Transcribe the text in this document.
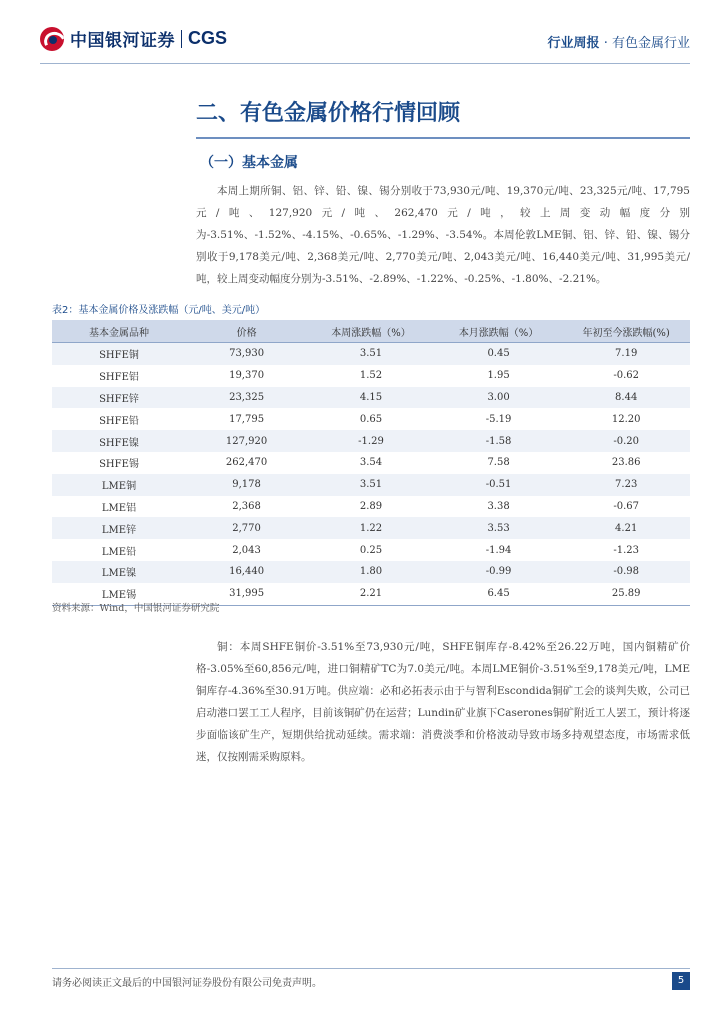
中国银河证券 CGS	行业周报 · 有色金属行业
二、有色金属价格行情回顾
（一）基本金属

本周上期所铜、铝、锌、铅、镍、锡分别收于73,930元/吨、19,370元/吨、23,325元/吨、17,795元/吨、127,920元/吨、262,470元/吨，较上周变动幅度分别为-3.51%、-1.52%、-4.15%、-0.65%、-1.29%、-3.54%。本周伦敦LME铜、铝、锌、铅、镍、锡分别收于9,178美元/吨、2,368美元/吨、2,770美元/吨、2,043美元/吨、16,440美元/吨、31,995美元/吨，较上周变动幅度分别为-3.51%、-2.89%、-1.22%、-0.25%、-1.80%、-2.21%。

表2：基本金属价格及涨跌幅（元/吨、美元/吨）
基本金属品种	价格	本周涨跌幅（%）	本月涨跌幅（%）	年初至今涨跌幅(%)
SHFE铜	73,930	3.51	0.45	7.19
SHFE铝	19,370	1.52	1.95	-0.62
SHFE锌	23,325	4.15	3.00	8.44
SHFE铅	17,795	0.65	-5.19	12.20
SHFE镍	127,920	-1.29	-1.58	-0.20
SHFE锡	262,470	3.54	7.58	23.86
LME铜	9,178	3.51	-0.51	7.23
LME铝	2,368	2.89	3.38	-0.67
LME锌	2,770	1.22	3.53	4.21
LME铅	2,043	0.25	-1.94	-1.23
LME镍	16,440	1.80	-0.99	-0.98
LME锡	31,995	2.21	6.45	25.89
资料来源：Wind，中国银河证券研究院

铜：本周SHFE铜价-3.51%至73,930元/吨，SHFE铜库存-8.42%至26.22万吨，国内铜精矿价格-3.05%至60,856元/吨，进口铜精矿TC为7.0美元/吨。本周LME铜价-3.51%至9,178美元/吨，LME铜库存-4.36%至30.91万吨。供应端：必和必拓表示由于与智利Escondida铜矿工会的谈判失败，公司已启动港口罢工工人程序，目前该铜矿仍在运营；Lundin矿业旗下Caserones铜矿附近工人罢工，预计将逐步面临该矿生产，短期供给扰动延续。需求端：消费淡季和价格波动导致市场多持观望态度，市场需求低迷，仅按刚需采购原料。

请务必阅读正文最后的中国银河证券股份有限公司免责声明。	5
